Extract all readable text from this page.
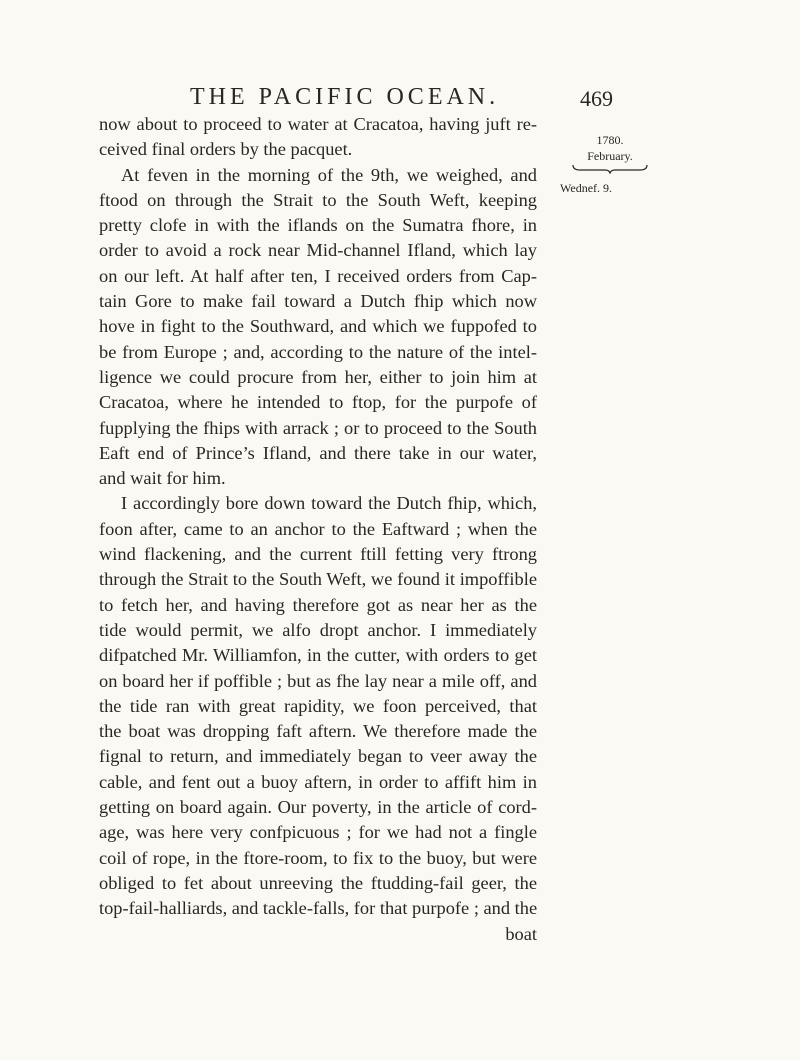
THE PACIFIC OCEAN.	469
1780.
February.
Wednef. 9.
now about to proceed to water at Cracatoa, having juft re-
ceived final orders by the pacquet.
At feven in the morning of the 9th, we weighed, and
ftood on through the Strait to the South Weft, keeping
pretty clofe in with the iflands on the Sumatra fhore, in
order to avoid a rock near Mid-channel Ifland, which lay
on our left. At half after ten, I received orders from Cap-
tain Gore to make fail toward a Dutch fhip which now
hove in fight to the Southward, and which we fuppofed to
be from Europe ; and, according to the nature of the intel-
ligence we could procure from her, either to join him at
Cracatoa, where he intended to ftop, for the purpofe of
fupplying the fhips with arrack ; or to proceed to the South
Eaft end of Prince’s Ifland, and there take in our water,
and wait for him.
I accordingly bore down toward the Dutch fhip, which,
foon after, came to an anchor to the Eaftward ; when the
wind flackening, and the current ftill fetting very ftrong
through the Strait to the South Weft, we found it impoffible
to fetch her, and having therefore got as near her as the
tide would permit, we alfo dropt anchor. I immediately
difpatched Mr. Williamfon, in the cutter, with orders to get
on board her if poffible ; but as fhe lay near a mile off, and
the tide ran with great rapidity, we foon perceived, that
the boat was dropping faft aftern. We therefore made the
fignal to return, and immediately began to veer away the
cable, and fent out a buoy aftern, in order to affift him in
getting on board again. Our poverty, in the article of cord-
age, was here very confpicuous ; for we had not a fingle
coil of rope, in the ftore-room, to fix to the buoy, but were
obliged to fet about unreeving the ftudding-fail geer, the
top-fail-halliards, and tackle-falls, for that purpofe ; and the
boat
